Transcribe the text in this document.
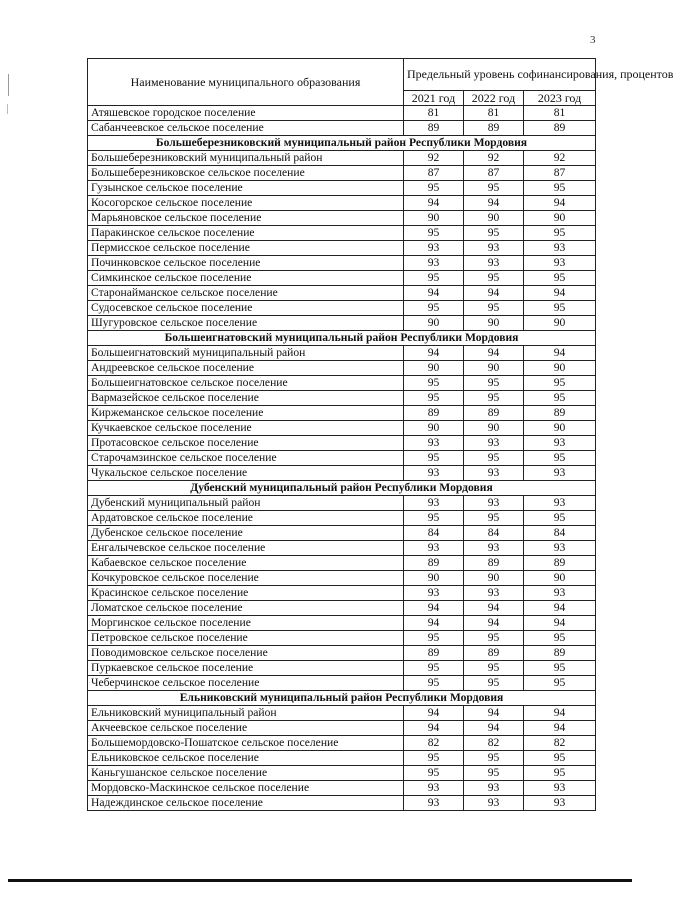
3
Наименование муниципального образования	Предельный уровень софинансирования, процентов		
	2021 год	2022 год	2023 год
Атяшевское городское поселение	81	81	81
Сабанчеевское сельское поселение	89	89	89
Большеберезниковский муниципальный район Республики Мордовия			
Большеберезниковский муниципальный район	92	92	92
Большеберезниковское сельское поселение	87	87	87
Гузынское сельское поселение	95	95	95
Косогорское сельское поселение	94	94	94
Марьяновское сельское поселение	90	90	90
Паракинское сельское поселение	95	95	95
Пермисское сельское поселение	93	93	93
Починковское сельское поселение	93	93	93
Симкинское сельское поселение	95	95	95
Старонайманское сельское поселение	94	94	94
Судосевское сельское поселение	95	95	95
Шугуровское сельское поселение	90	90	90
Большеигнатовский муниципальный район Республики Мордовия			
Большеигнатовский муниципальный район	94	94	94
Андреевское сельское поселение	90	90	90
Большеигнатовское сельское поселение	95	95	95
Вармазейское сельское поселение	95	95	95
Киржеманское сельское поселение	89	89	89
Кучкаевское сельское поселение	90	90	90
Протасовское сельское поселение	93	93	93
Старочамзинское сельское поселение	95	95	95
Чукальское сельское поселение	93	93	93
Дубенский муниципальный район Республики Мордовия			
Дубенский муниципальный район	93	93	93
Ардатовское сельское поселение	95	95	95
Дубенское сельское поселение	84	84	84
Енгалычевское сельское поселение	93	93	93
Кабаевское сельское поселение	89	89	89
Кочкуровское сельское поселение	90	90	90
Красинское сельское поселение	93	93	93
Ломатское сельское поселение	94	94	94
Моргинское сельское поселение	94	94	94
Петровское сельское поселение	95	95	95
Поводимовское сельское поселение	89	89	89
Пуркаевское сельское поселение	95	95	95
Чеберчинское сельское поселение	95	95	95
Ельниковский муниципальный район Республики Мордовия			
Ельниковский муниципальный район	94	94	94
Акчеевское сельское поселение	94	94	94
Большемордовско-Пошатское сельское поселение	82	82	82
Ельниковское сельское поселение	95	95	95
Каньгушанское сельское поселение	95	95	95
Мордовско-Маскинское сельское поселение	93	93	93
Надеждинское сельское поселение	93	93	93
